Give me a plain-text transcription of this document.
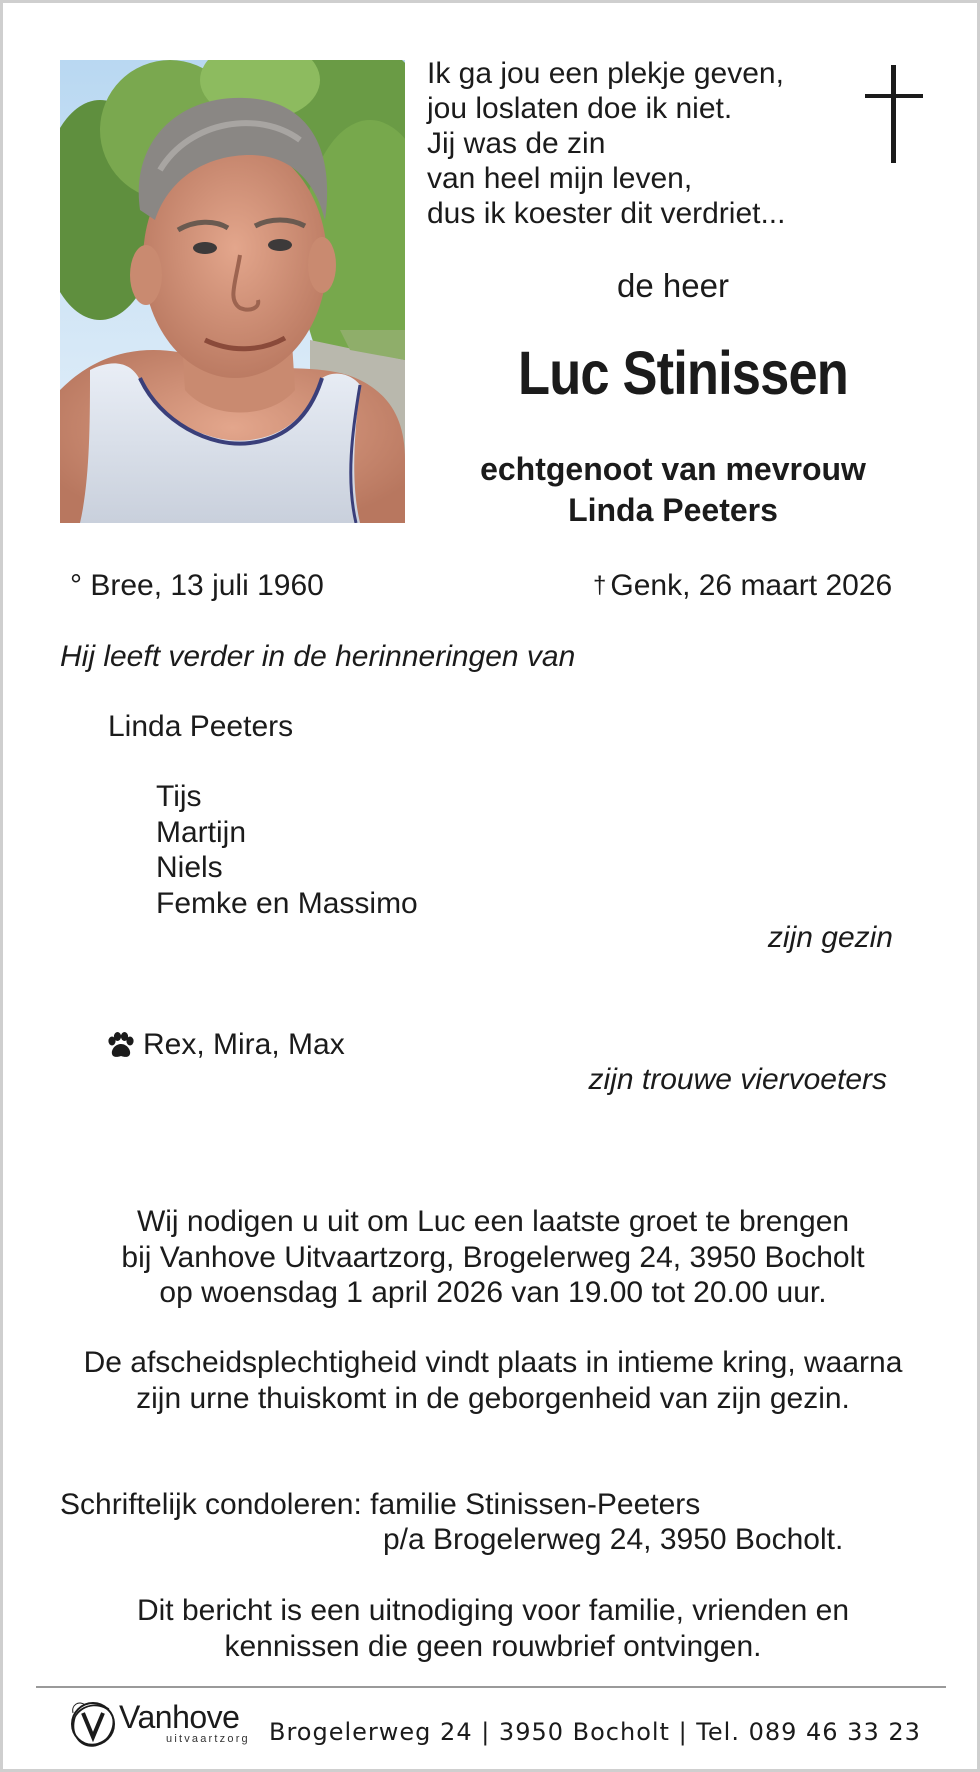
Ik ga jou een plekje geven,
jou loslaten doe ik niet.
Jij was de zin
van heel mijn leven,
dus ik koester dit verdriet...
de heer
Luc Stinissen
echtgenoot van mevrouw
Linda Peeters
° Bree, 13 juli 1960	† Genk, 26 maart 2026
Hij leeft verder in de herinneringen van
Linda Peeters
Tijs
Martijn
Niels
Femke en Massimo
zijn gezin
Rex, Mira, Max
zijn trouwe viervoeters
Wij nodigen u uit om Luc een laatste groet te brengen
bij Vanhove Uitvaartzorg, Brogelerweg 24, 3950 Bocholt
op woensdag 1 april 2026 van 19.00 tot 20.00 uur.
De afscheidsplechtigheid vindt plaats in intieme kring, waarna
zijn urne thuiskomt in de geborgenheid van zijn gezin.
Schriftelijk condoleren: familie Stinissen-Peeters
p/a Brogelerweg 24, 3950 Bocholt.
Dit bericht is een uitnodiging voor familie, vrienden en
kennissen die geen rouwbrief ontvingen.
Vanhove
uitvaartzorg Brogelerweg 24 | 3950 Bocholt | Tel. 089 46 33 23
